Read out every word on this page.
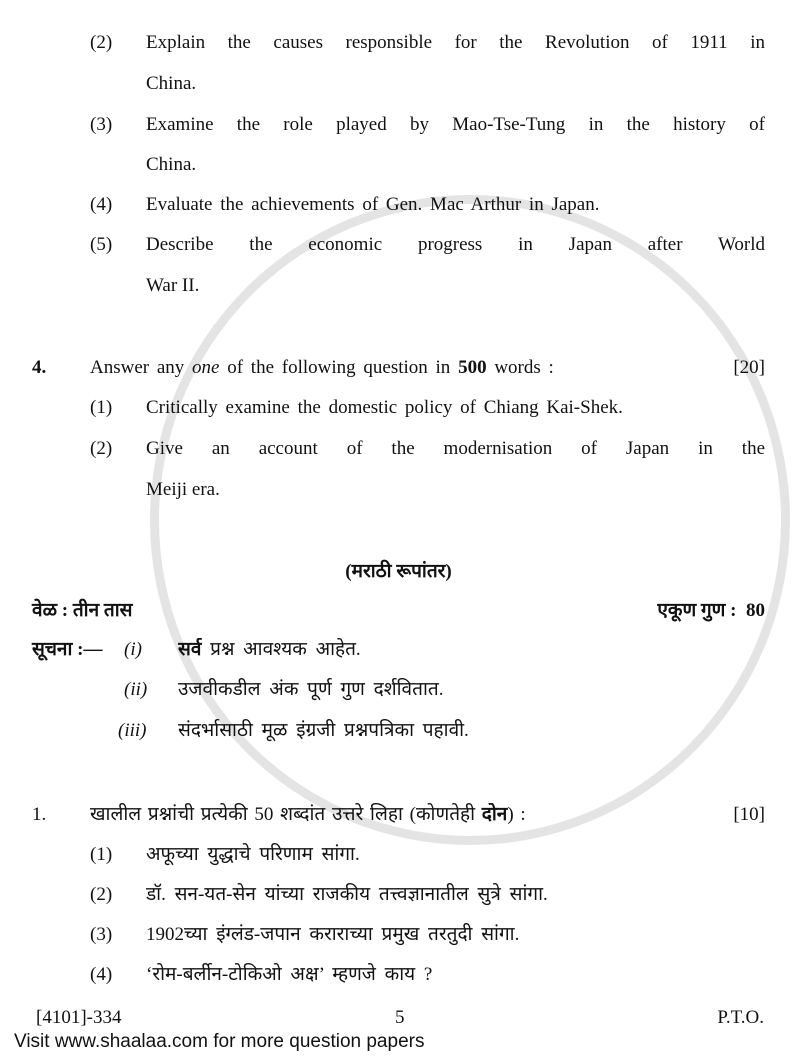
(2)	Explain the causes responsible for the Revolution of 1911 in
China.
(3)	Examine the role played by Mao-Tse-Tung in the history of
China.
(4)	Evaluate the achievements of Gen. Mac Arthur in Japan.
(5)	Describe the economic progress in Japan after World
War II.
4.	Answer any one of the following question in 500 words :	[20]
(1)	Critically examine the domestic policy of Chiang Kai-Shek.
(2)	Give an account of the modernisation of Japan in the
Meiji era.
(मराठी रूपांतर)
वेळ : तीन तास	एकूण गुण :  80
सूचना :—	(i)	सर्व प्रश्न आवश्यक आहेत.
(ii)	उजवीकडील अंक पूर्ण गुण दर्शवितात.
(iii)	संदर्भासाठी मूळ इंग्रजी प्रश्नपत्रिका पहावी.
1.	खालील प्रश्नांची प्रत्येकी 50 शब्दांत उत्तरे लिहा (कोणतेही दोन) :	[10]
(1)	अफूच्या युद्धाचे परिणाम सांगा.
(2)	डॉ. सन-यत-सेन यांच्या राजकीय तत्त्वज्ञानातील सुत्रे सांगा.
(3)	1902च्या इंग्लंड-जपान कराराच्या प्रमुख तरतुदी सांगा.
(4)	‘रोम-बर्लीन-टोकिओ अक्ष’ म्हणजे काय ?
[4101]-334	5	P.T.O.
Visit www.shaalaa.com for more question papers
